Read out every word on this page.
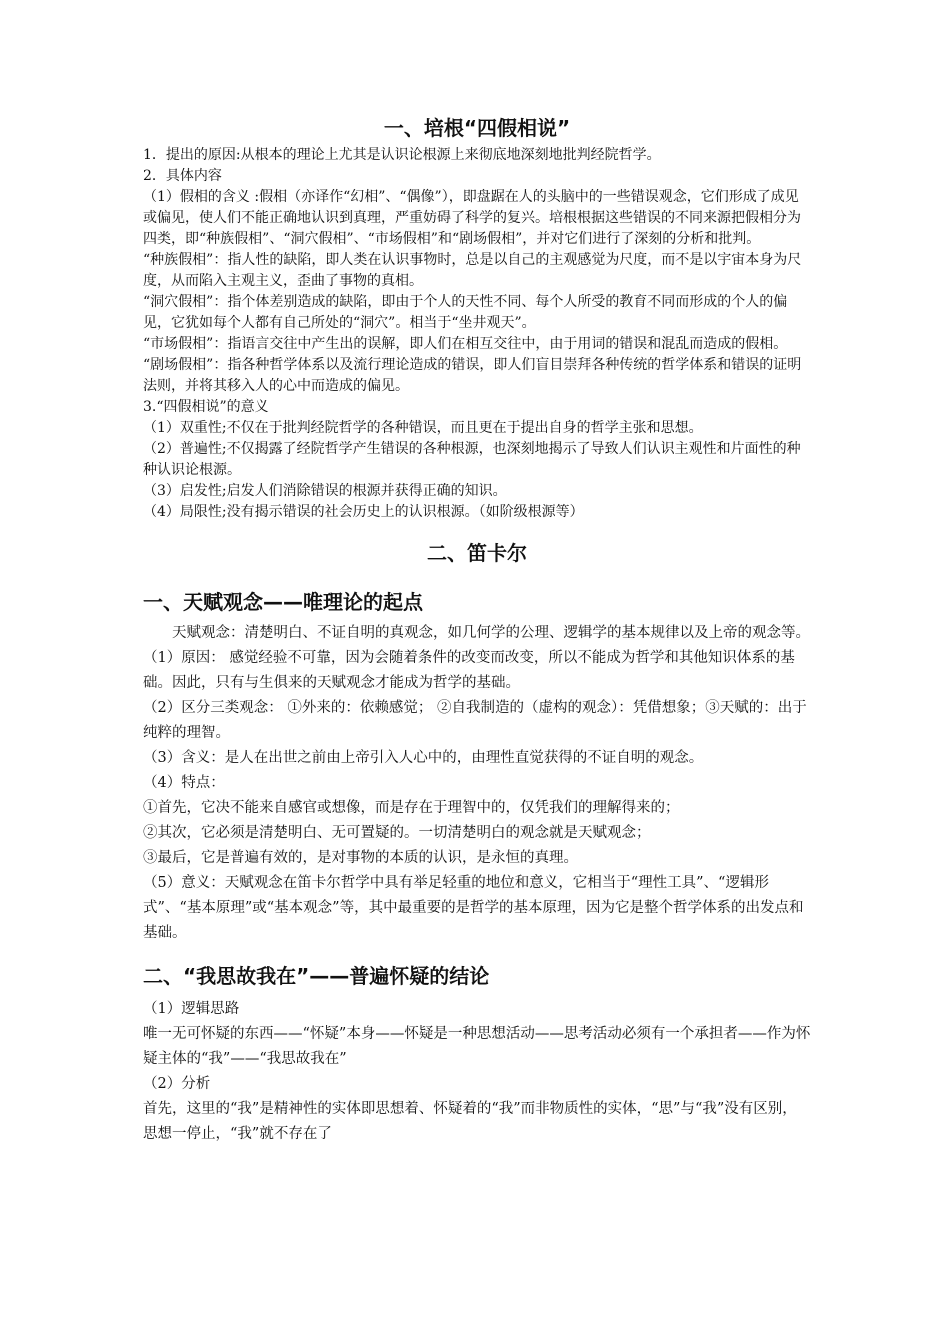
一、培根“四假相说”

1．提出的原因:从根本的理论上尤其是认识论根源上来彻底地深刻地批判经院哲学。

2．具体内容

（1）假相的含义 :假相（亦译作“幻相”、“偶像”），即盘踞在人的头脑中的一些错误观念，它们形成了成见或偏见，使人们不能正确地认识到真理，严重妨碍了科学的复兴。培根根据这些错误的不同来源把假相分为四类，即“种族假相”、“洞穴假相”、“市场假相”和“剧场假相”，并对它们进行了深刻的分析和批判。

“种族假相”：指人性的缺陷，即人类在认识事物时，总是以自己的主观感觉为尺度，而不是以宇宙本身为尺度，从而陷入主观主义，歪曲了事物的真相。

“洞穴假相”：指个体差别造成的缺陷，即由于个人的天性不同、每个人所受的教育不同而形成的个人的偏见，它犹如每个人都有自己所处的“洞穴”。相当于“坐井观天”。

“市场假相”：指语言交往中产生出的误解，即人们在相互交往中，由于用词的错误和混乱而造成的假相。

“剧场假相”：指各种哲学体系以及流行理论造成的错误，即人们盲目崇拜各种传统的哲学体系和错误的证明法则，并将其移入人的心中而造成的偏见。

3.“四假相说”的意义

（1）双重性;不仅在于批判经院哲学的各种错误，而且更在于提出自身的哲学主张和思想。

（2）普遍性;不仅揭露了经院哲学产生错误的各种根源，也深刻地揭示了导致人们认识主观性和片面性的种种认识论根源。

（3）启发性;启发人们消除错误的根源并获得正确的知识。

（4）局限性;没有揭示错误的社会历史上的认识根源。（如阶级根源等）

二、笛卡尔
一、天赋观念——唯理论的起点

天赋观念：清楚明白、不证自明的真观念，如几何学的公理、逻辑学的基本规律以及上帝的观念等。

（1）原因： 感觉经验不可靠，因为会随着条件的改变而改变，所以不能成为哲学和其他知识体系的基础。因此，只有与生俱来的天赋观念才能成为哲学的基础。

（2）区分三类观念： ①外来的：依赖感觉； ②自我制造的（虚构的观念）：凭借想象；③天赋的：出于纯粹的理智。

（3）含义：是人在出世之前由上帝引入人心中的，由理性直觉获得的不证自明的观念。

（4）特点：

①首先，它决不能来自感官或想像，而是存在于理智中的，仅凭我们的理解得来的；

②其次，它必须是清楚明白、无可置疑的。一切清楚明白的观念就是天赋观念；

③最后，它是普遍有效的，是对事物的本质的认识，是永恒的真理。

（5）意义：天赋观念在笛卡尔哲学中具有举足轻重的地位和意义，它相当于“理性工具”、“逻辑形式”、“基本原理”或“基本观念”等，其中最重要的是哲学的基本原理，因为它是整个哲学体系的出发点和基础。

二、“我思故我在”——普遍怀疑的结论

（1）逻辑思路

唯一无可怀疑的东西——“怀疑”本身——怀疑是一种思想活动——思考活动必须有一个承担者——作为怀疑主体的“我”——“我思故我在”

（2）分析

首先，这里的“我”是精神性的实体即思想着、怀疑着的“我”而非物质性的实体，“思”与“我”没有区别，思想一停止，“我”就不存在了
